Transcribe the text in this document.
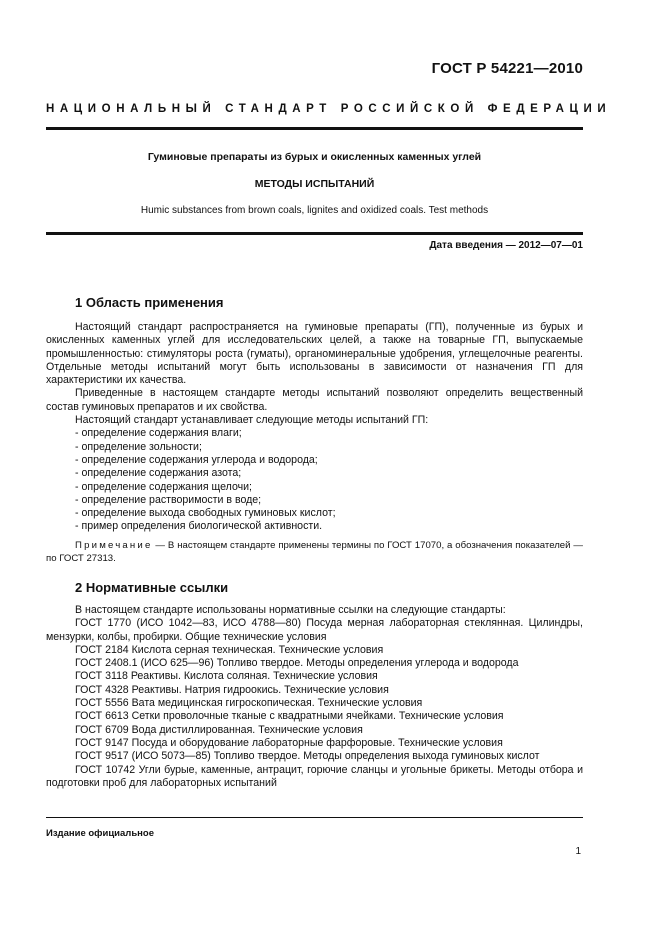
ГОСТ Р 54221—2010
НАЦИОНАЛЬНЫЙ СТАНДАРТ РОССИЙСКОЙ ФЕДЕРАЦИИ
Гуминовые препараты из бурых и окисленных каменных углей
МЕТОДЫ ИСПЫТАНИЙ
Humic substances from brown coals, lignites and oxidized coals. Test methods
Дата введения — 2012—07—01
1 Область применения

Настоящий стандарт распространяется на гуминовые препараты (ГП), полученные из бурых и окисленных каменных углей для исследовательских целей, а также на товарные ГП, выпускаемые промышленностью: стимуляторы роста (гуматы), органоминеральные удобрения, углещелочные реагенты. Отдельные методы испытаний могут быть использованы в зависимости от назначения ГП для характеристики их качества.

Приведенные в настоящем стандарте методы испытаний позволяют определить вещественный состав гуминовых препаратов и их свойства.

Настоящий стандарт устанавливает следующие методы испытаний ГП:

- определение содержания влаги;
- определение зольности;
- определение содержания углерода и водорода;
- определение содержания азота;
- определение содержания щелочи;
- определение растворимости в воде;
- определение выхода свободных гуминовых кислот;
- пример определения биологической активности.

Примечание — В настоящем стандарте применены термины по ГОСТ 17070, а обозначения показателей — по ГОСТ 27313.

2 Нормативные ссылки

В настоящем стандарте использованы нормативные ссылки на следующие стандарты:

ГОСТ 1770 (ИСО 1042—83, ИСО 4788—80) Посуда мерная лабораторная стеклянная. Цилиндры, мензурки, колбы, пробирки. Общие технические условия

ГОСТ 2184 Кислота серная техническая. Технические условия

ГОСТ 2408.1 (ИСО 625—96) Топливо твердое. Методы определения углерода и водорода

ГОСТ 3118 Реактивы. Кислота соляная. Технические условия

ГОСТ 4328 Реактивы. Натрия гидроокись. Технические условия

ГОСТ 5556 Вата медицинская гигроскопическая. Технические условия

ГОСТ 6613 Сетки проволочные тканые с квадратными ячейками. Технические условия

ГОСТ 6709 Вода дистиллированная. Технические условия

ГОСТ 9147 Посуда и оборудование лабораторные фарфоровые. Технические условия

ГОСТ 9517 (ИСО 5073—85) Топливо твердое. Методы определения выхода гуминовых кислот

ГОСТ 10742 Угли бурые, каменные, антрацит, горючие сланцы и угольные брикеты. Методы отбора и подготовки проб для лабораторных испытаний

Издание официальное
1
